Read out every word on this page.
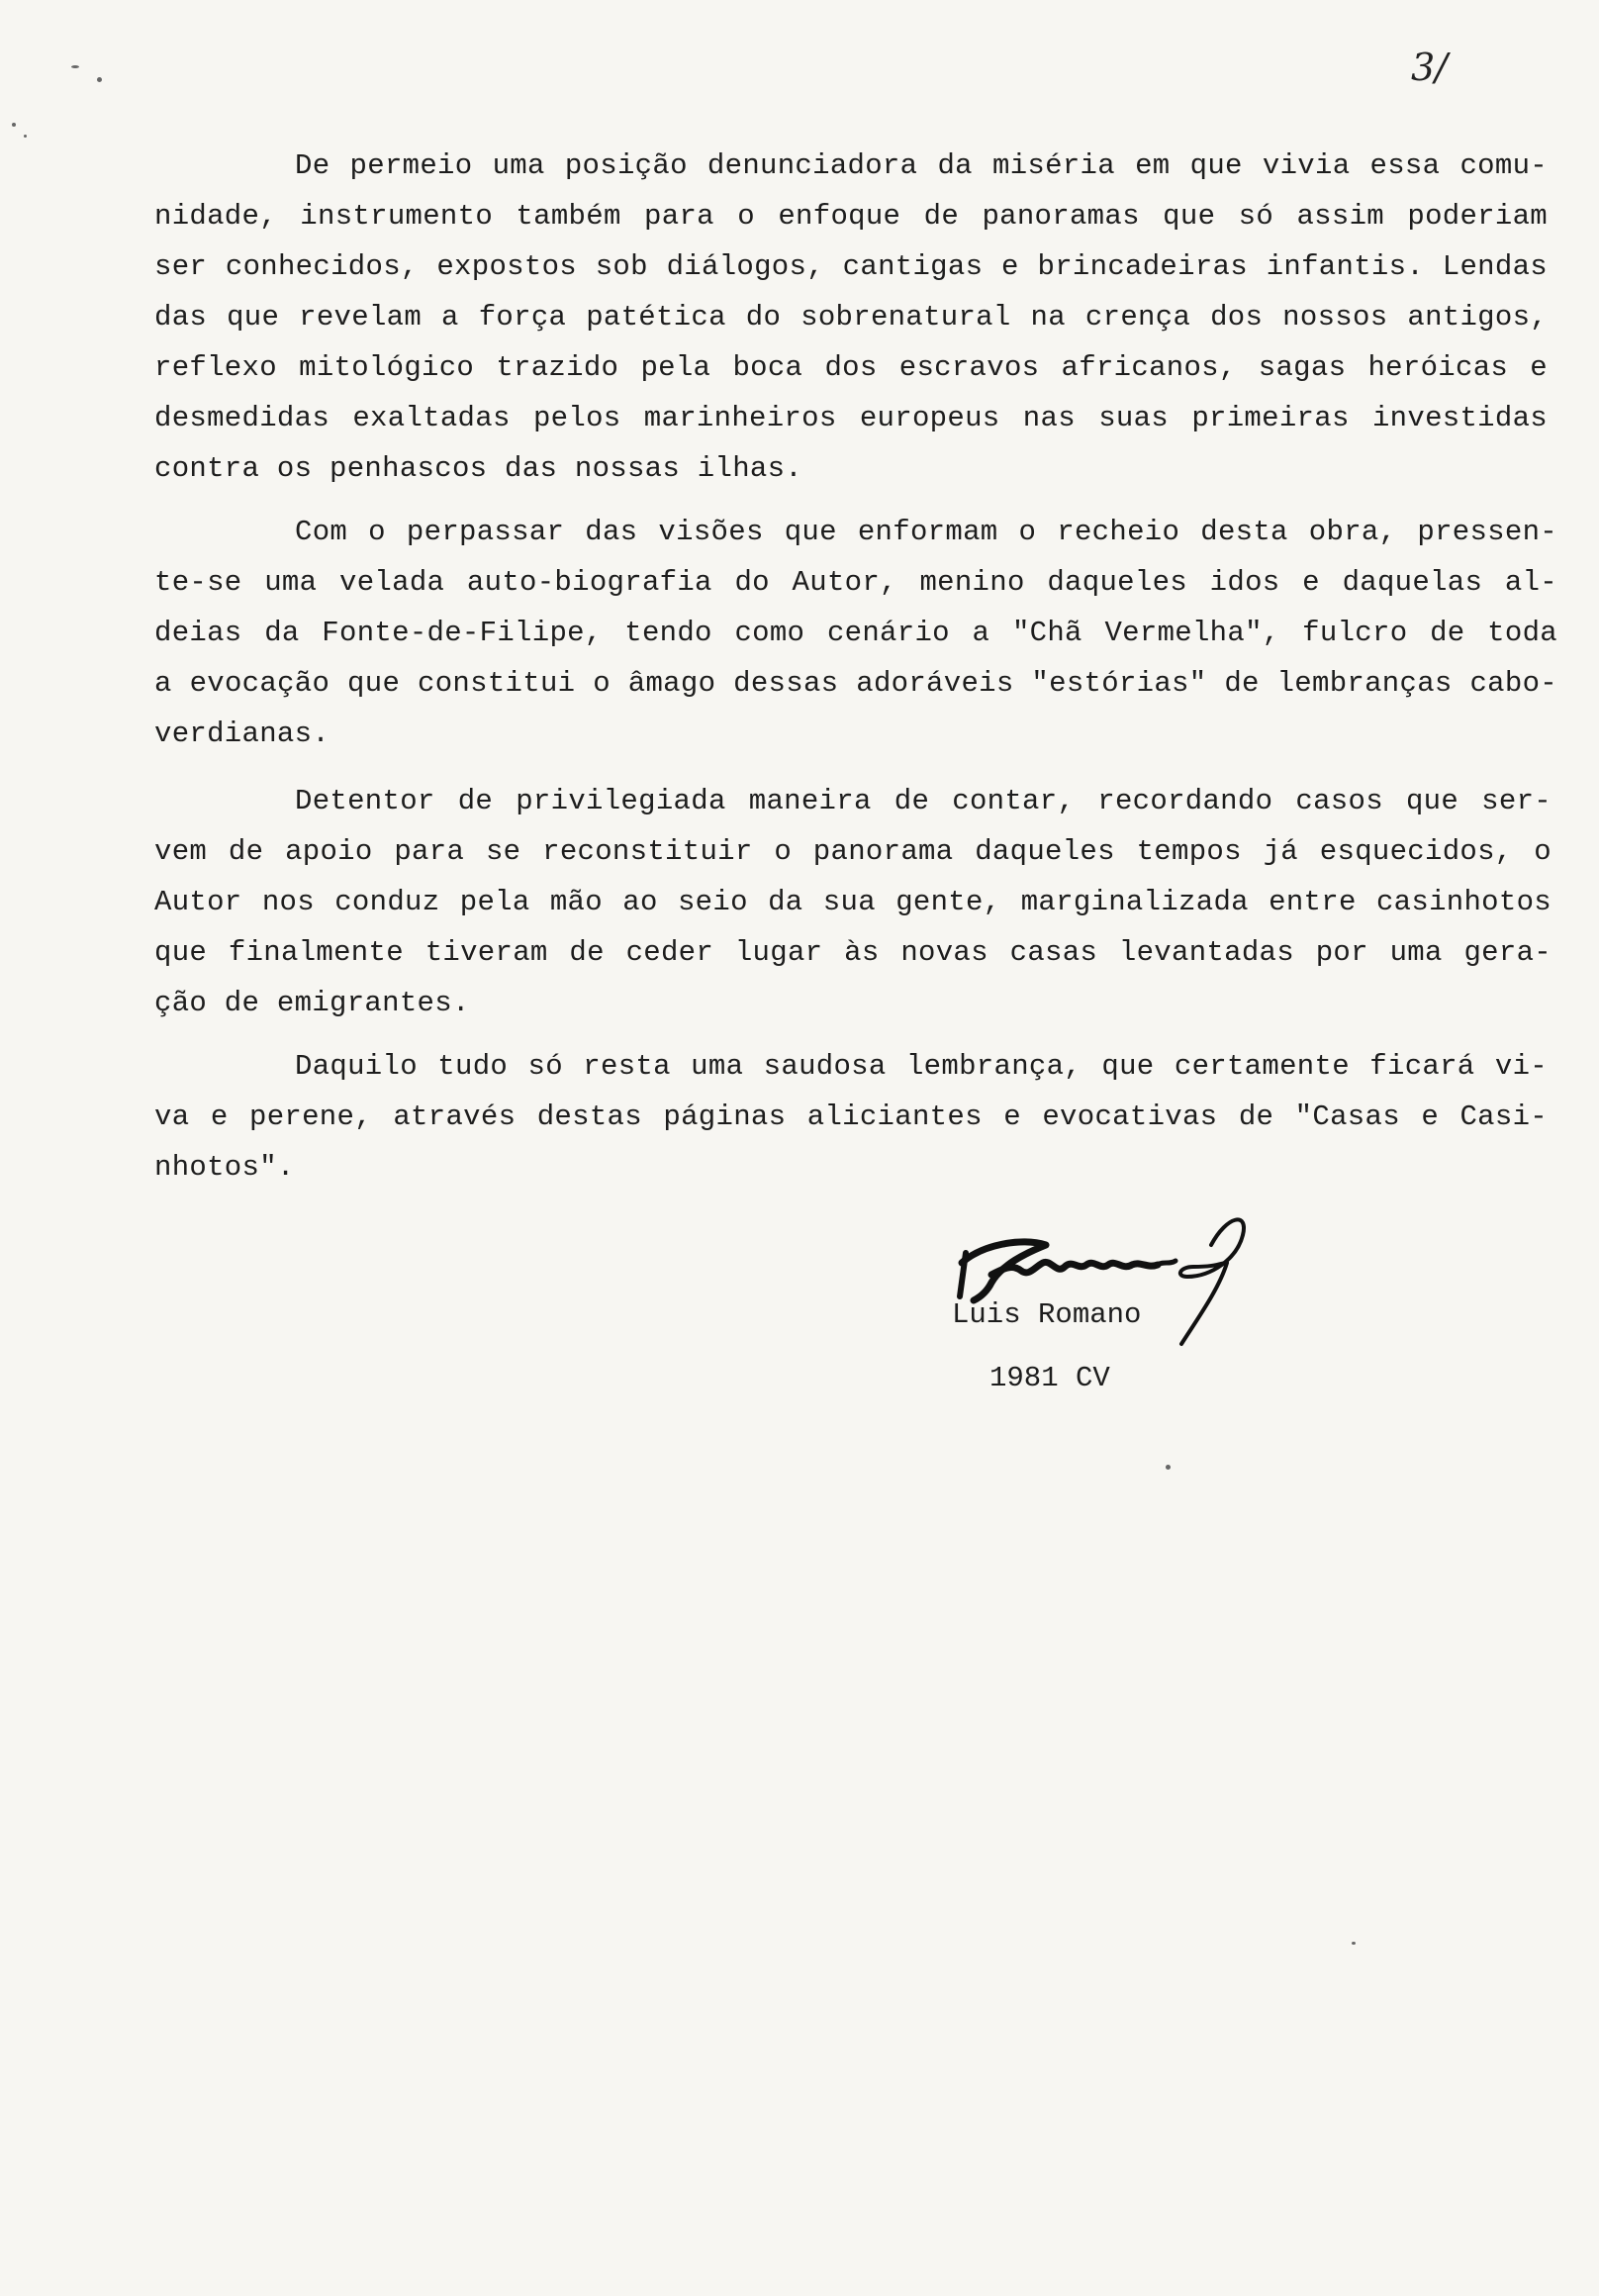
3/
De permeio uma posição denunciadora da miséria em que vivia essa comu-
nidade, instrumento também para o enfoque de panoramas que só assim poderiam
ser conhecidos, expostos sob diálogos, cantigas e brincadeiras infantis. Lendas
das que revelam a força patética do sobrenatural na crença dos nossos antigos,
reflexo mitológico trazido pela boca dos escravos africanos, sagas heróicas e
desmedidas exaltadas pelos marinheiros europeus nas suas primeiras investidas
contra os penhascos das nossas ilhas.
Com o perpassar das visões que enformam o recheio desta obra, pressen-
te-se uma velada auto-biografia do Autor, menino daqueles idos e daquelas al-
deias da Fonte-de-Filipe, tendo como cenário a "Chã Vermelha", fulcro de toda
a evocação que constitui o âmago dessas adoráveis "estórias" de lembranças cabo-
verdianas.
Detentor de privilegiada maneira de contar, recordando casos que ser-
vem de apoio para se reconstituir o panorama daqueles tempos já esquecidos, o
Autor nos conduz pela mão ao seio da sua gente, marginalizada entre casinhotos
que finalmente tiveram de ceder lugar às novas casas levantadas por uma gera-
ção de emigrantes.
Daquilo tudo só resta uma saudosa lembrança, que certamente ficará vi-
va e perene, através destas páginas aliciantes e evocativas de "Casas e Casi-
nhotos".
Luis Romano
1981 CV
